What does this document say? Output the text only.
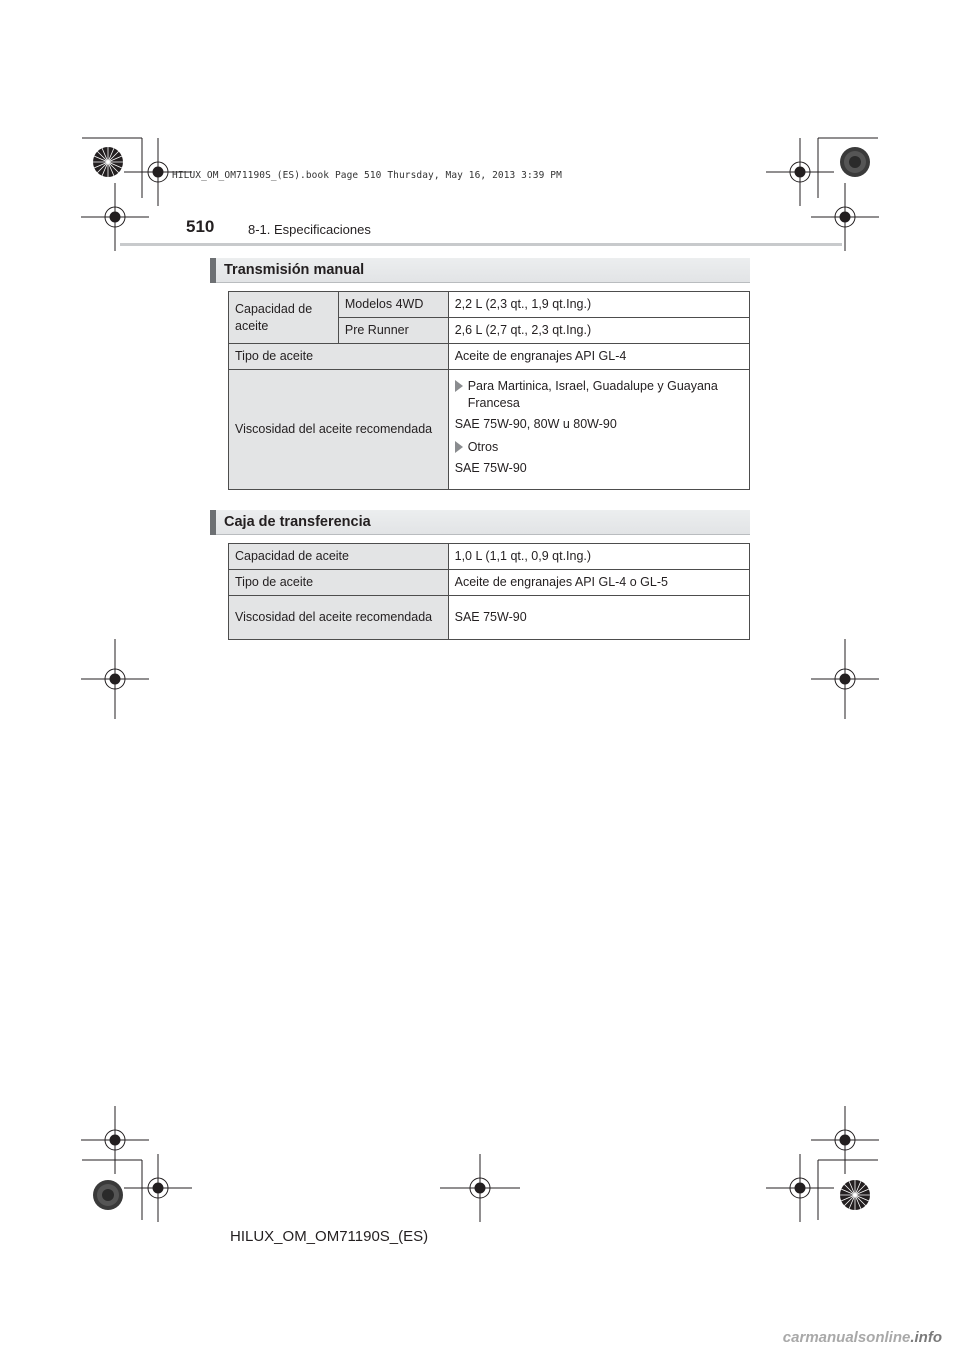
HILUX_OM_OM71190S_(ES).book Page 510 Thursday, May 16, 2013 3:39 PM
510	8-1. Especificaciones
Transmisión manual
Capacidad de aceite	Modelos 4WD	2,2 L (2,3 qt., 1,9 qt.Ing.)
	Pre Runner	2,6 L (2,7 qt., 2,3 qt.Ing.)
Tipo de aceite		Aceite de engranajes API GL-4
Viscosidad del aceite recomendada		Para Martinica, Israel, Guadalupe y Guayana Francesa
SAE 75W-90, 80W u 80W-90
Otros
SAE 75W-90
Caja de transferencia
Capacidad de aceite	1,0 L (1,1 qt., 0,9 qt.Ing.)
Tipo de aceite	Aceite de engranajes API GL-4 o GL-5
Viscosidad del aceite recomendada	SAE 75W-90
HILUX_OM_OM71190S_(ES)
carmanualsonline.info
